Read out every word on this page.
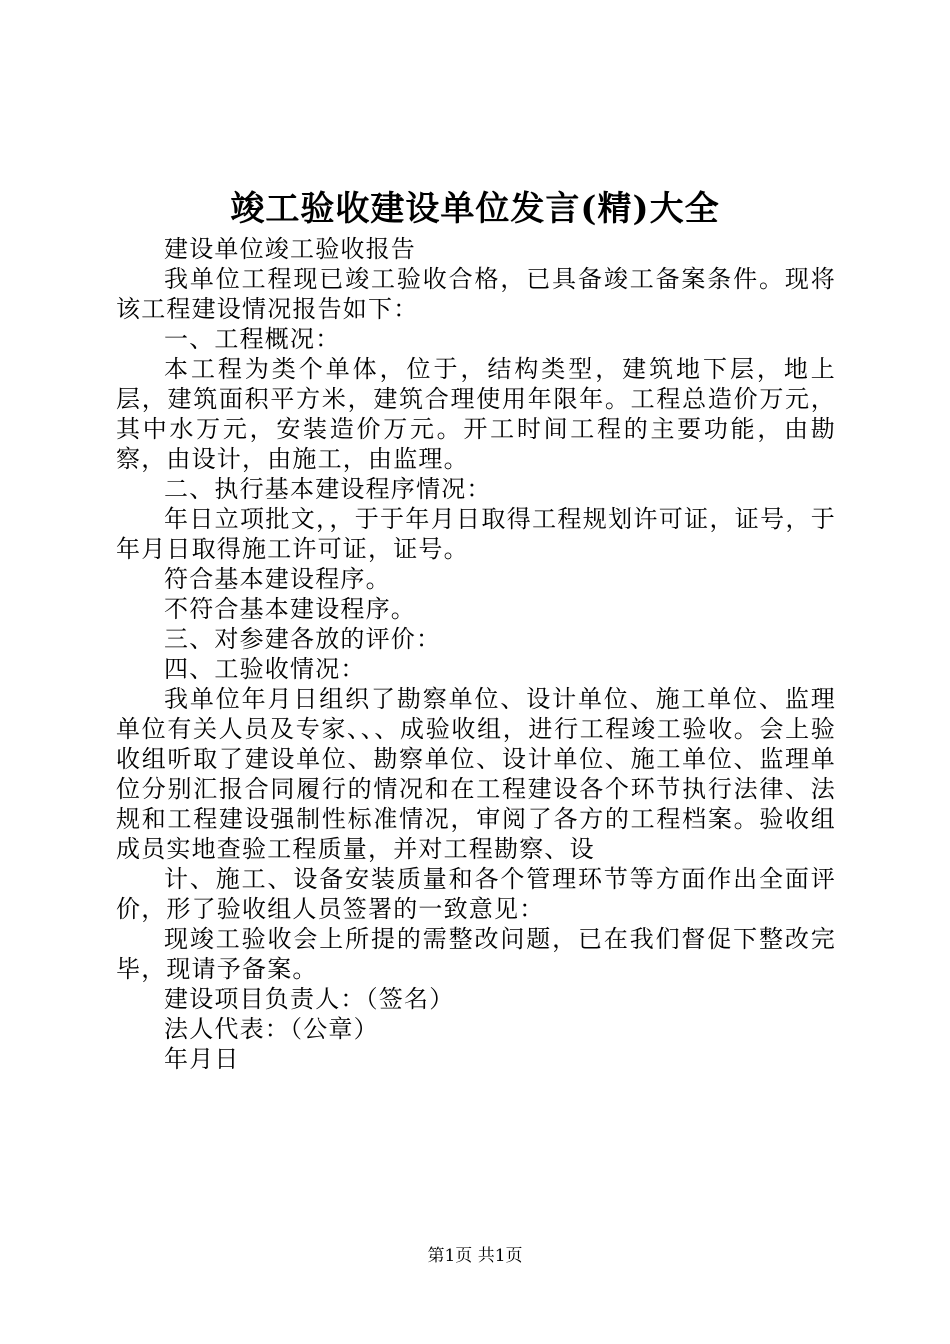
竣工验收建设单位发言(精)大全

建设单位竣工验收报告

我单位工程现已竣工验收合格，已具备竣工备案条件。现将该工程建设情况报告如下：

一、工程概况：

本工程为类个单体，位于，结构类型，建筑地下层，地上层，建筑面积平方米，建筑合理使用年限年。工程总造价万元，其中水万元，安装造价万元。开工时间工程的主要功能，由勘察，由设计，由施工，由监理。

二、执行基本建设程序情况：

年日立项批文，，于于年月日取得工程规划许可证，证号，于年月日取得施工许可证，证号。

符合基本建设程序。

不符合基本建设程序。

三、对参建各放的评价：

四、工验收情况：

我单位年月日组织了勘察单位、设计单位、施工单位、监理单位有关人员及专家、、、成验收组，进行工程竣工验收。会上验收组听取了建设单位、勘察单位、设计单位、施工单位、监理单位分别汇报合同履行的情况和在工程建设各个环节执行法律、法规和工程建设强制性标准情况，审阅了各方的工程档案。验收组成员实地查验工程质量，并对工程勘察、设

计、施工、设备安装质量和各个管理环节等方面作出全面评价，形了验收组人员签署的一致意见：

现竣工验收会上所提的需整改问题，已在我们督促下整改完毕，现请予备案。

建设项目负责人：（签名）

法人代表：（公章）

年月日

第1页 共1页
